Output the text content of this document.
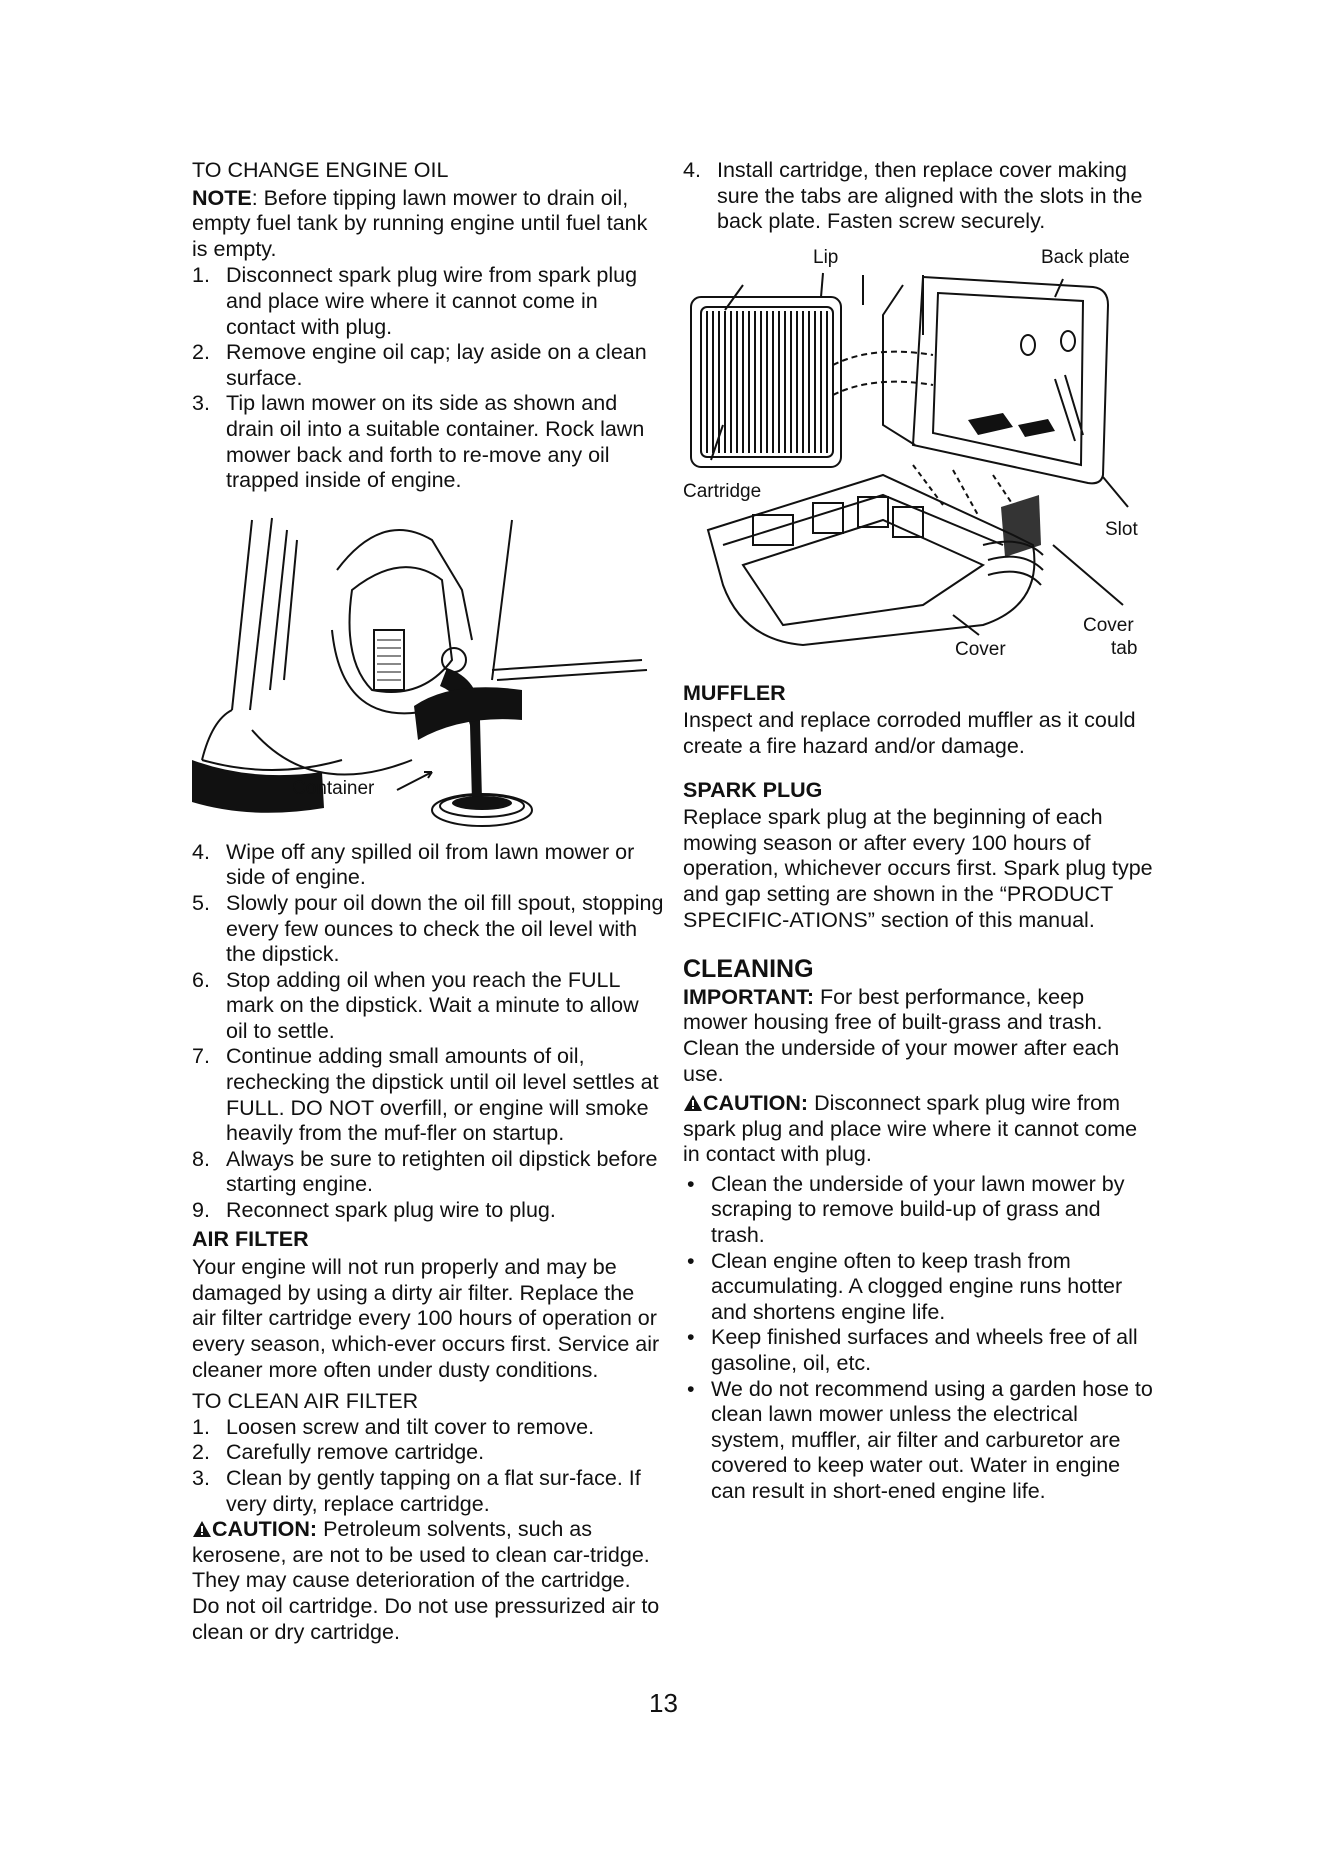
TO CHANGE ENGINE OIL

NOTE: Before tipping lawn mower to drain oil, empty fuel tank by running engine until fuel tank is empty.

1. Disconnect spark plug wire from spark plug and place wire where it cannot come in contact with plug.
2. Remove engine oil cap; lay aside on a clean surface.
3. Tip lawn mower on its side as shown and drain oil into a suitable container. Rock lawn mower back and forth to re-move any oil trapped inside of engine.
Container
4. Wipe off any spilled oil from lawn mower or side of engine.
5. Slowly pour oil down the oil fill spout, stopping every few ounces to check the oil level with the dipstick.
6. Stop adding oil when you reach the FULL mark on the dipstick. Wait a minute to allow oil to settle.
7. Continue adding small amounts of oil, rechecking the dipstick until oil level settles at FULL. DO NOT overfill, or engine will smoke heavily from the muf-fler on startup.
8. Always be sure to retighten oil dipstick before starting engine.
9. Reconnect spark plug wire to plug.

AIR FILTER

Your engine will not run properly and may be damaged by using a dirty air filter. Replace the air filter cartridge every 100 hours of operation or every season, which-ever occurs first. Service air cleaner more often under dusty conditions.

TO CLEAN AIR FILTER

1. Loosen screw and tilt cover to remove.
2. Carefully remove cartridge.
3. Clean by gently tapping on a flat sur-face. If very dirty, replace cartridge.

CAUTION: Petroleum solvents, such as kerosene, are not to be used to clean car-tridge. They may cause deterioration of the cartridge. Do not oil cartridge. Do not use pressurized air to clean or dry cartridge.

4. Install cartridge, then replace cover making sure the tabs are aligned with the slots in the back plate. Fasten screw securely.
Lip	Back plate
Cartridge
Slot
Cover
Cover
tab

MUFFLER

Inspect and replace corroded muffler as it could create a fire hazard and/or damage.

SPARK PLUG

Replace spark plug at the beginning of each mowing season or after every 100 hours of operation, whichever occurs first. Spark plug type and gap setting are shown in the “PRODUCT SPECIFIC-ATIONS” section of this manual.

CLEANING

IMPORTANT: For best performance, keep mower housing free of built-grass and trash. Clean the underside of your mower after each use.

CAUTION: Disconnect spark plug wire from spark plug and place wire where it cannot come in contact with plug.

• Clean the underside of your lawn mower by scraping to remove build-up of grass and trash.
• Clean engine often to keep trash from accumulating. A clogged engine runs hotter and shortens engine life.
• Keep finished surfaces and wheels free of all gasoline, oil, etc.
• We do not recommend using a garden hose to clean lawn mower unless the electrical system, muffler, air filter and carburetor are covered to keep water out. Water in engine can result in short-ened engine life.
13
